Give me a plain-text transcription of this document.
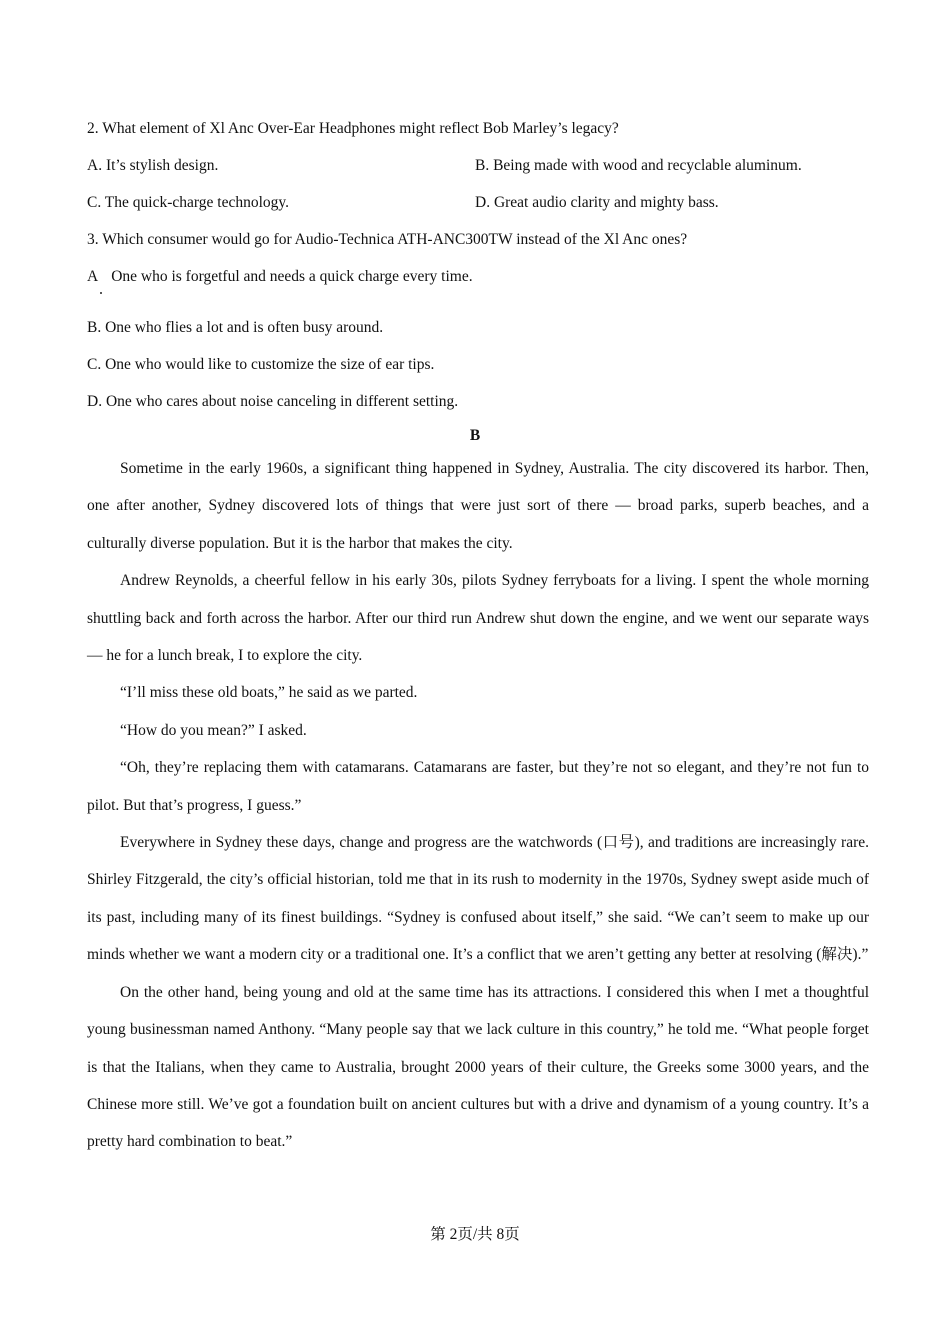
2. What element of Xl Anc Over-Ear Headphones might reflect Bob Marley’s legacy?
A. It’s stylish design.	B. Being made with wood and recyclable aluminum.
C. The quick-charge technology.	D. Great audio clarity and mighty bass.
3. Which consumer would go for Audio-Technica ATH-ANC300TW instead of the Xl Anc ones?
A One who is forgetful and needs a quick charge every time.
B. One who flies a lot and is often busy around.
C. One who would like to customize the size of ear tips.
D. One who cares about noise canceling in different setting.
B

Sometime in the early 1960s, a significant thing happened in Sydney, Australia. The city discovered its harbor. Then, one after another, Sydney discovered lots of things that were just sort of there — broad parks, superb beaches, and a culturally diverse population. But it is the harbor that makes the city.

Andrew Reynolds, a cheerful fellow in his early 30s, pilots Sydney ferryboats for a living. I spent the whole morning shuttling back and forth across the harbor. After our third run Andrew shut down the engine, and we went our separate ways — he for a lunch break, I to explore the city.

“I’ll miss these old boats,” he said as we parted.

“How do you mean?” I asked.

“Oh, they’re replacing them with catamarans. Catamarans are faster, but they’re not so elegant, and they’re not fun to pilot. But that’s progress, I guess.”

Everywhere in Sydney these days, change and progress are the watchwords (口号), and traditions are increasingly rare. Shirley Fitzgerald, the city’s official historian, told me that in its rush to modernity in the 1970s, Sydney swept aside much of its past, including many of its finest buildings. “Sydney is confused about itself,” she said. “We can’t seem to make up our minds whether we want a modern city or a traditional one. It’s a conflict that we aren’t getting any better at resolving (解决).”

On the other hand, being young and old at the same time has its attractions. I considered this when I met a thoughtful young businessman named Anthony. “Many people say that we lack culture in this country,” he told me. “What people forget is that the Italians, when they came to Australia, brought 2000 years of their culture, the Greeks some 3000 years, and the Chinese more still. We’ve got a foundation built on ancient cultures but with a drive and dynamism of a young country. It’s a pretty hard combination to beat.”

第 2页/共 8页
